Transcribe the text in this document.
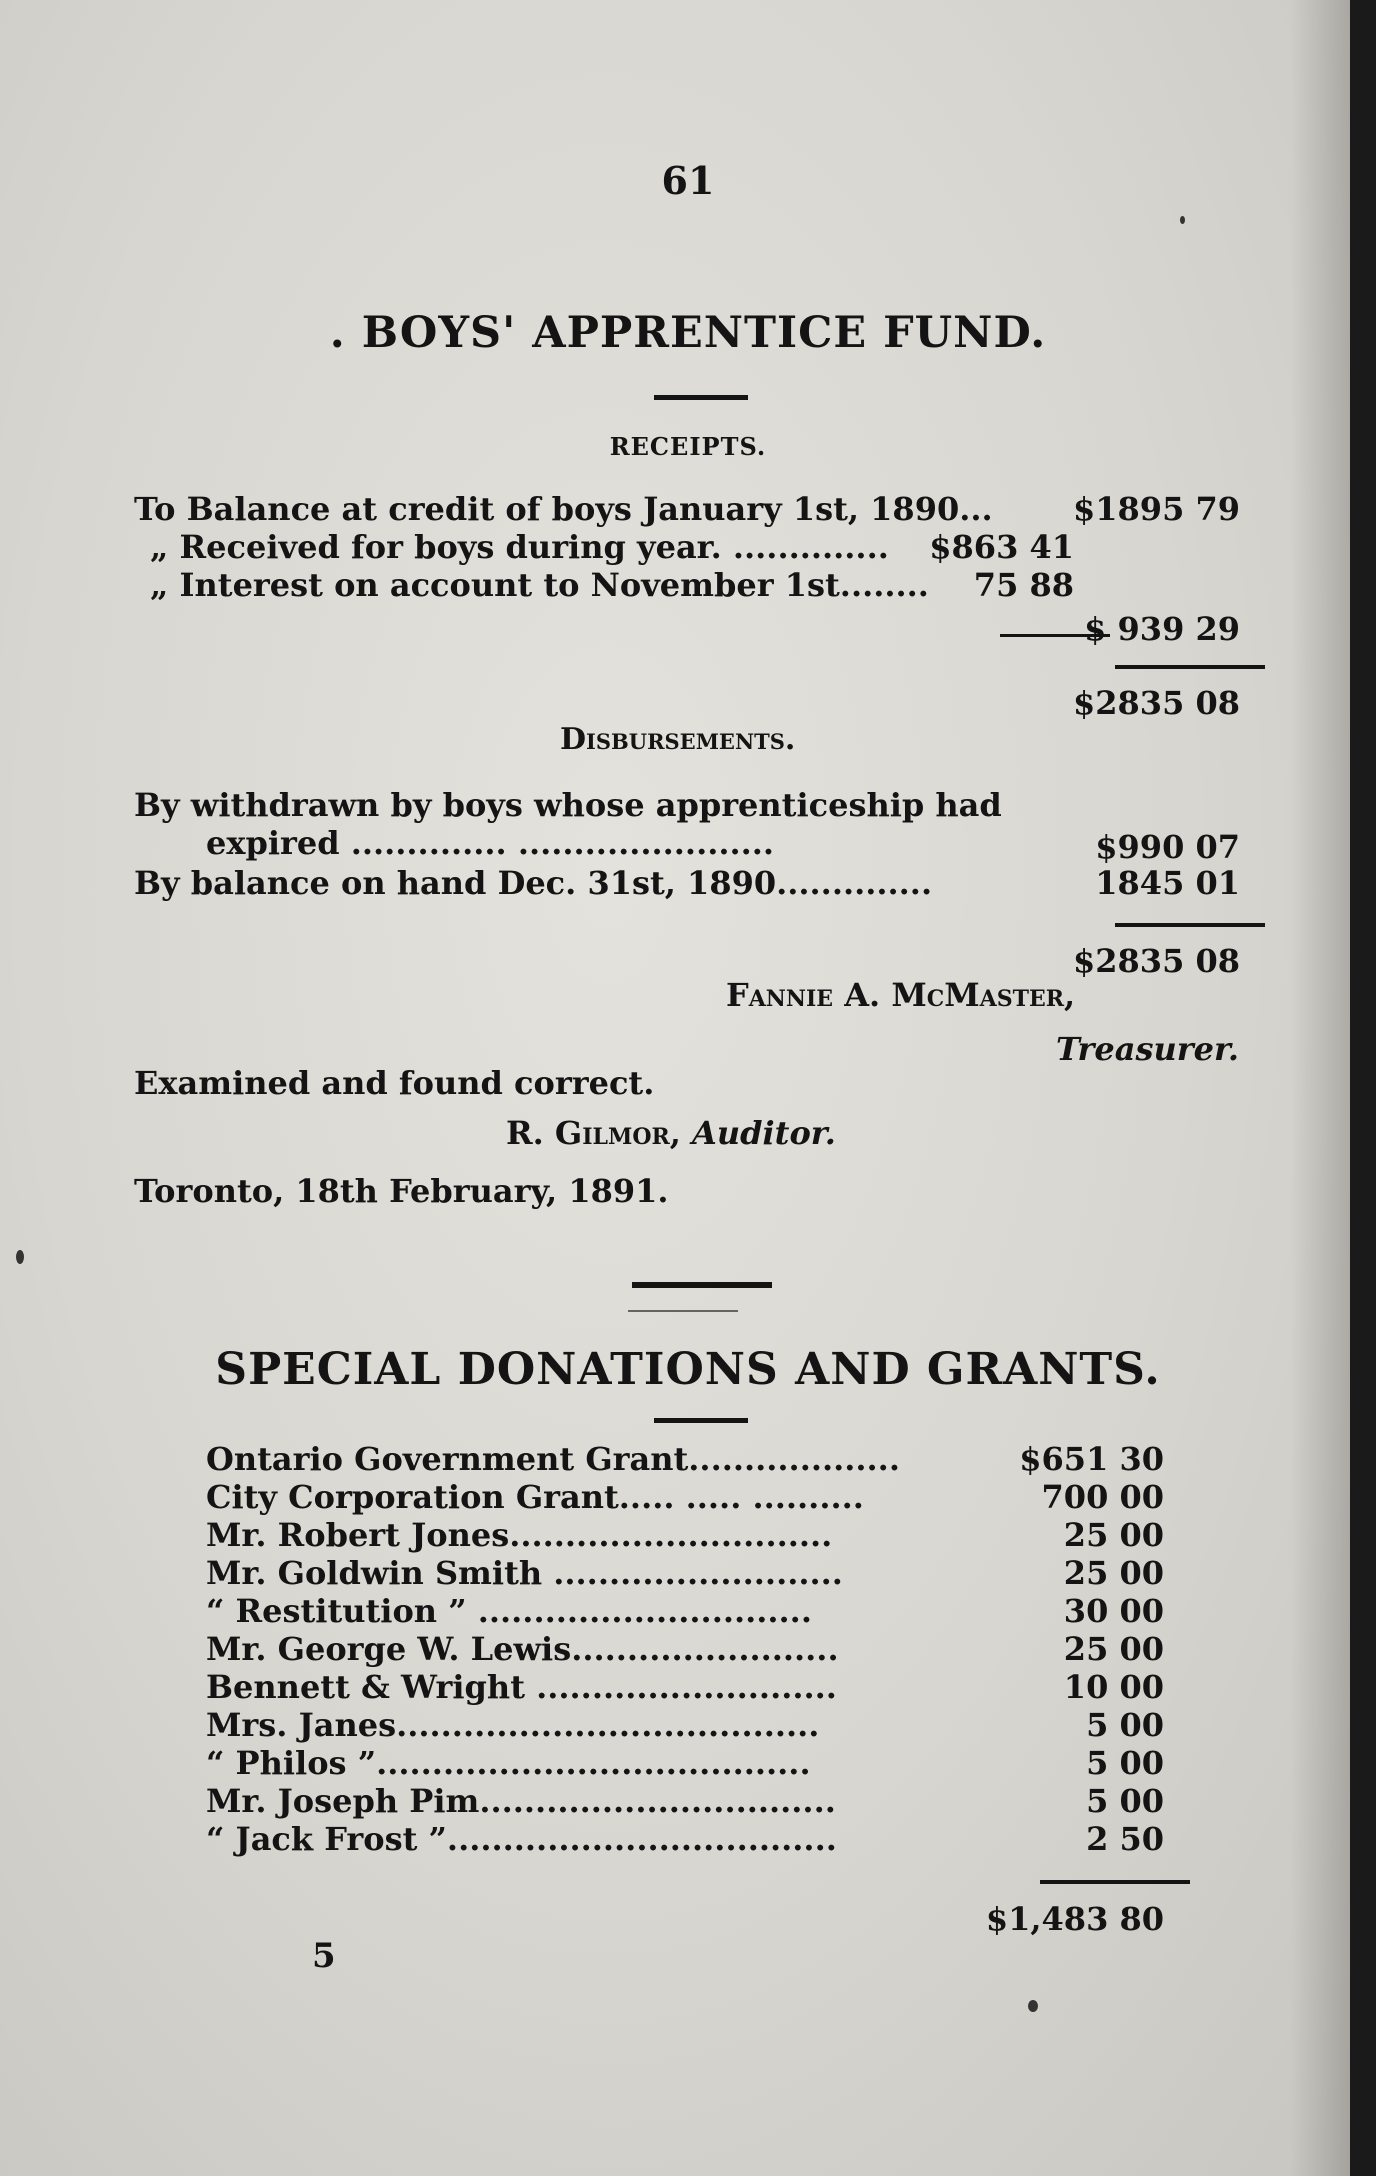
61
. BOYS' APPRENTICE FUND.
RECEIPTS.
To Balance at credit of boys January 1st, 1890...	$1895 79
„ Received for boys during year. .............. $863 41
„ Interest on account to November 1st........ 75 88
$ 939 29
$2835 08
Disbursements.
By withdrawn by boys whose apprenticeship had
expired .............. .......................	$990 07
By balance on hand Dec. 31st, 1890..............	1845 01
$2835 08
Fannie A. McMaster,
Treasurer.
Examined and found correct.
R. Gilmor, Auditor.
Toronto, 18th February, 1891.
SPECIAL DONATIONS AND GRANTS.
Ontario Government Grant...................	$651 30
City Corporation Grant..... ..... ..........	700 00
Mr. Robert Jones.............................	25 00
Mr. Goldwin Smith ..........................	25 00
“ Restitution ” ..............................	30 00
Mr. George W. Lewis........................	25 00
Bennett & Wright ...........................	10 00
Mrs. Janes......................................	5 00
“ Philos ”.......................................	5 00
Mr. Joseph Pim................................	5 00
“ Jack Frost ”...................................	2 50
$1,483 80
5
